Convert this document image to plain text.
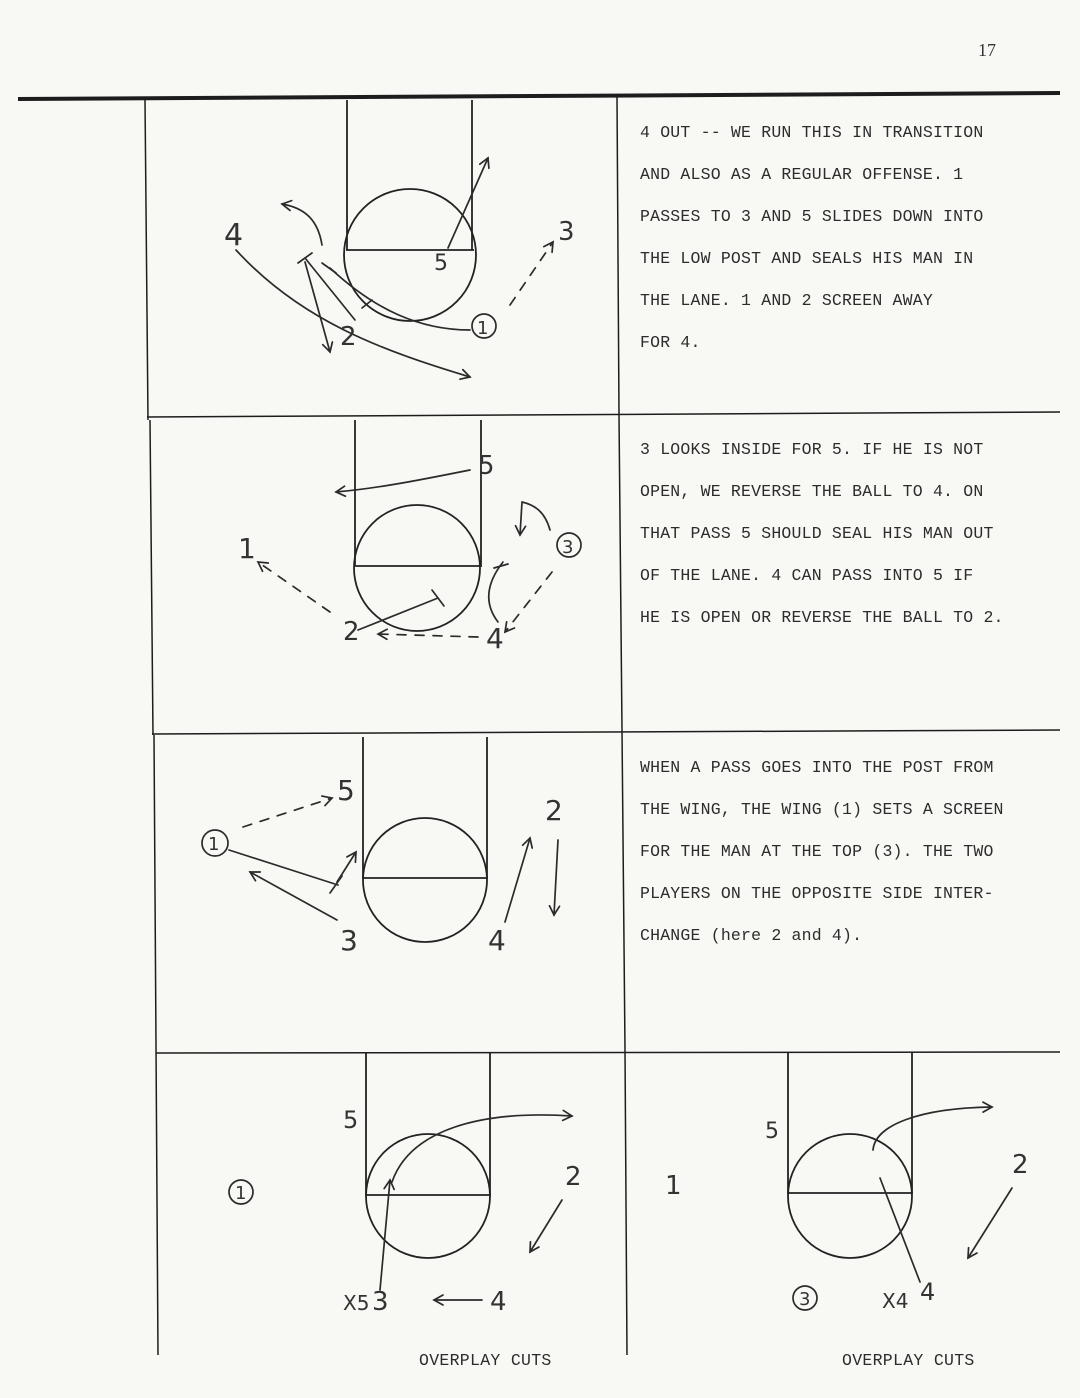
17
4
5
3
1
2
5
1	3
2	4
5
1
2
3	4
5
1
2
X5 3	4
5
1
2
3	X4 4
4 OUT -- WE RUN THIS IN TRANSITION
AND ALSO AS A REGULAR OFFENSE. 1
PASSES TO 3 AND 5 SLIDES DOWN INTO
THE LOW POST AND SEALS HIS MAN IN
THE LANE. 1 AND 2 SCREEN AWAY
FOR 4.
3 LOOKS INSIDE FOR 5. IF HE IS NOT
OPEN, WE REVERSE THE BALL TO 4. ON
THAT PASS 5 SHOULD SEAL HIS MAN OUT
OF THE LANE. 4 CAN PASS INTO 5 IF
HE IS OPEN OR REVERSE THE BALL TO 2.
WHEN A PASS GOES INTO THE POST FROM
THE WING, THE WING (1) SETS A SCREEN
FOR THE MAN AT THE TOP (3). THE TWO
PLAYERS ON THE OPPOSITE SIDE INTER-
CHANGE (here 2 and 4).
OVERPLAY CUTS	OVERPLAY CUTS
